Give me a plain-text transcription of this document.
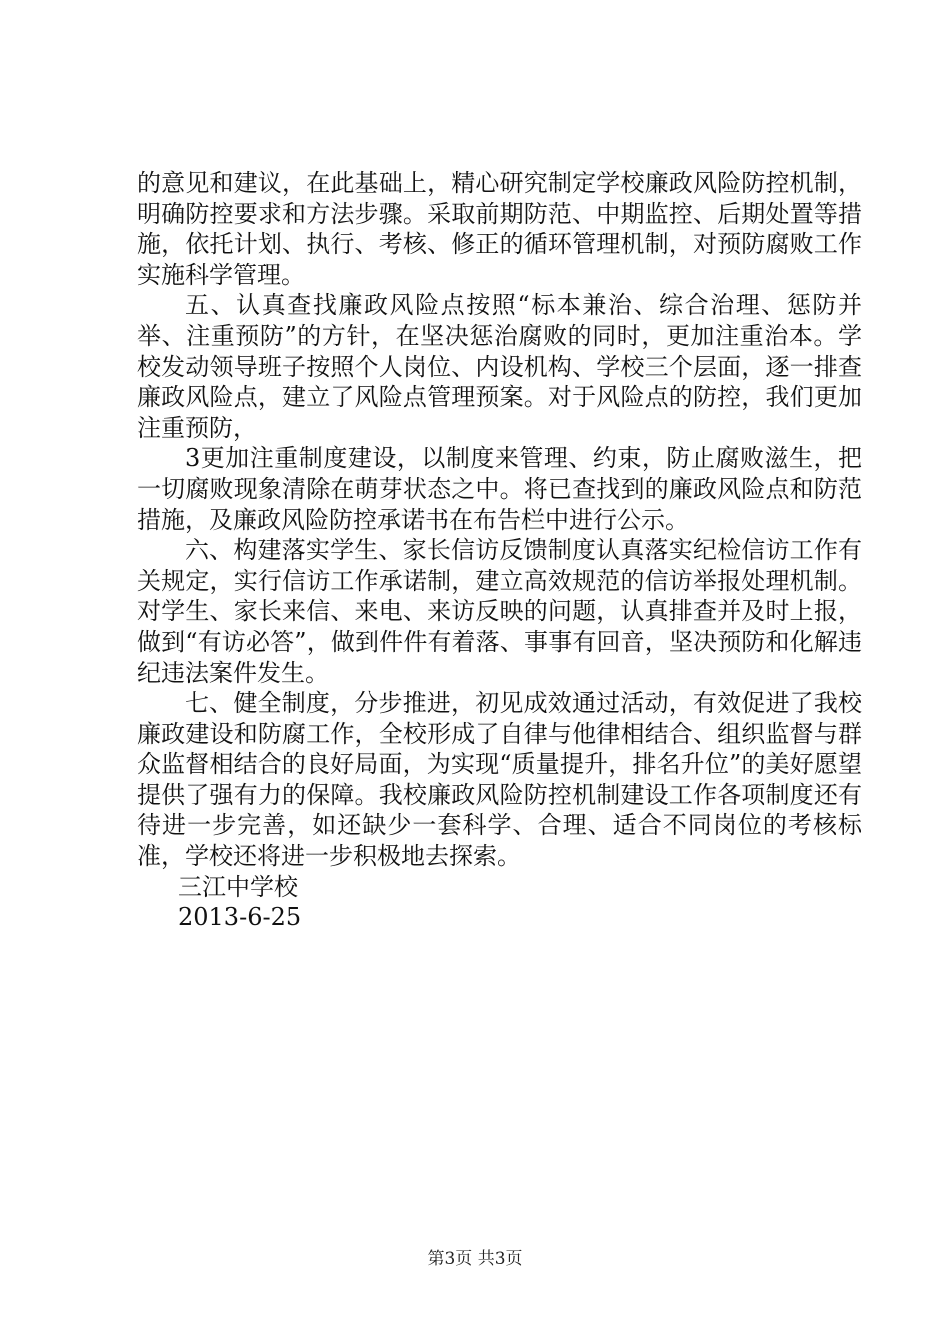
的意见和建议，在此基础上，精心研究制定学校廉政风险防控机制，明确防控要求和方法步骤。采取前期防范、中期监控、后期处置等措施，依托计划、执行、考核、修正的循环管理机制，对预防腐败工作实施科学管理。

五、认真查找廉政风险点按照“标本兼治、综合治理、惩防并举、注重预防”的方针，在坚决惩治腐败的同时，更加注重治本。学校发动领导班子按照个人岗位、内设机构、学校三个层面，逐一排查廉政风险点，建立了风险点管理预案。对于风险点的防控，我们更加注重预防，

3更加注重制度建设，以制度来管理、约束，防止腐败滋生，把一切腐败现象清除在萌芽状态之中。将已查找到的廉政风险点和防范措施，及廉政风险防控承诺书在布告栏中进行公示。

六、构建落实学生、家长信访反馈制度认真落实纪检信访工作有关规定，实行信访工作承诺制，建立高效规范的信访举报处理机制。对学生、家长来信、来电、来访反映的问题，认真排查并及时上报，做到“有访必答”，做到件件有着落、事事有回音，坚决预防和化解违纪违法案件发生。

七、健全制度，分步推进，初见成效通过活动，有效促进了我校廉政建设和防腐工作，全校形成了自律与他律相结合、组织监督与群众监督相结合的良好局面，为实现“质量提升，排名升位”的美好愿望提供了强有力的保障。我校廉政风险防控机制建设工作各项制度还有待进一步完善，如还缺少一套科学、合理、适合不同岗位的考核标准，学校还将进一步积极地去探索。

三江中学校

2013-6-25

第3页 共3页
